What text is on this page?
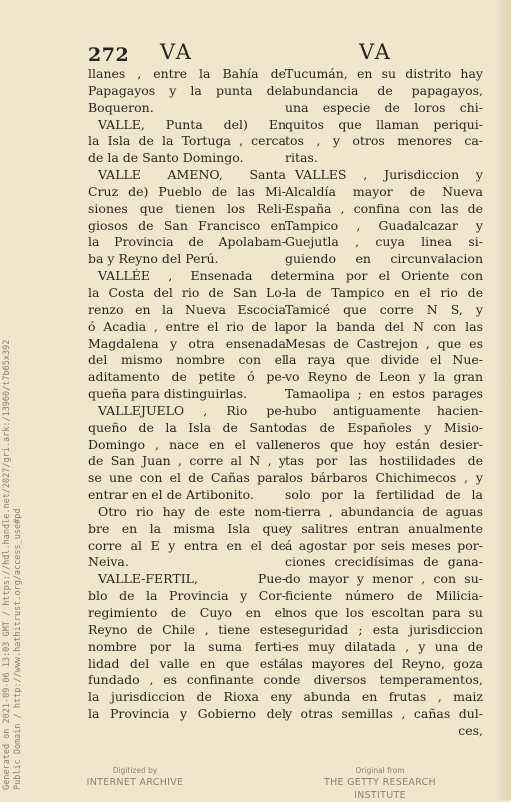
272 VA	VA
llanes , entre la Bahía de
Papagayos y la punta del
Boqueron.
VALLE, Punta del) En
la Isla de la Tortuga , cerca
de la de Santo Domingo.
VALLE AMENO, Santa
Cruz de) Pueblo de las Mi-
siones que tienen los Reli-
giosos de San Francisco en
la Provincia de Apolabam-
ba y Reyno del Perú.
VALLÉE , Ensenada de
la Costa del rio de San Lo-
renzo en la Nueva Escocia
ó Acadia , entre el rio de la
Magdalena y otra ensenada
del mismo nombre con el
aditamento de petite ó pe-
queña para distinguirlas.
VALLEJUELO , Rio pe-
queño de la Isla de Santo
Domingo , nace en el valle
de San Juan , corre al N , y
se une con el de Cañas para
entrar en el de Artibonito.
Otro rio hay de este nom-
bre en la misma Isla que
corre al E y entra en el de
Neiva.
VALLE-FERTIL, Pue-
blo de la Provincia y Cor-
regimiento de Cuyo en el
Reyno de Chile , tiene este
nombre por la suma ferti-
lidad del valle en que está
fundado , es confinante con
la jurisdiccion de Rioxa en
la Provincia y Gobierno del
Tucumán, en su distrito hay
abundancia de papagayos,
una especie de loros chi-
quitos que llaman periqui-
tos , y otros menores ca-
ritas.
VALLES , Jurisdiccion y
Alcaldía mayor de Nueva
España , confina con las de
Tampico , Guadalcazar y
Guejutla , cuya linea si-
guiendo en circunvalacion
termina por el Oriente con
la de Tampico en el rio de
Tamicé que corre N S, y
por la banda del N con las
Mesas de Castrejon , que es
la raya que divide el Nue-
vo Reyno de Leon y la gran
Tamaolipa ; en estos parages
hubo antiguamente hacien-
das de Españoles y Misio-
neros que hoy están desier-
tas por las hostilidades de
los bárbaros Chichimecos , y
solo por la fertilidad de la
tierra , abundancia de aguas
y salitres entran anualmente
á agostar por seis meses por-
ciones crecidísimas de gana-
do mayor y menor , con su-
ficiente número de Milicia-
nos que los escoltan para su
seguridad ; esta jurisdiccion
es muy dilatada , y una de
las mayores del Reyno, goza
de diversos temperamentos,
y abunda en frutas , maiz
y otras semillas , cañas dul-
ces,
Generated on 2021-09-06 13:03 GMT / https://hdl.handle.net/2027/gri.ark:/13960/t7b65x392
Public Domain / http://www.hathitrust.org/access_use#pd	Digitized by
INTERNET ARCHIVE
Original from
THE GETTY RESEARCH INSTITUTE
